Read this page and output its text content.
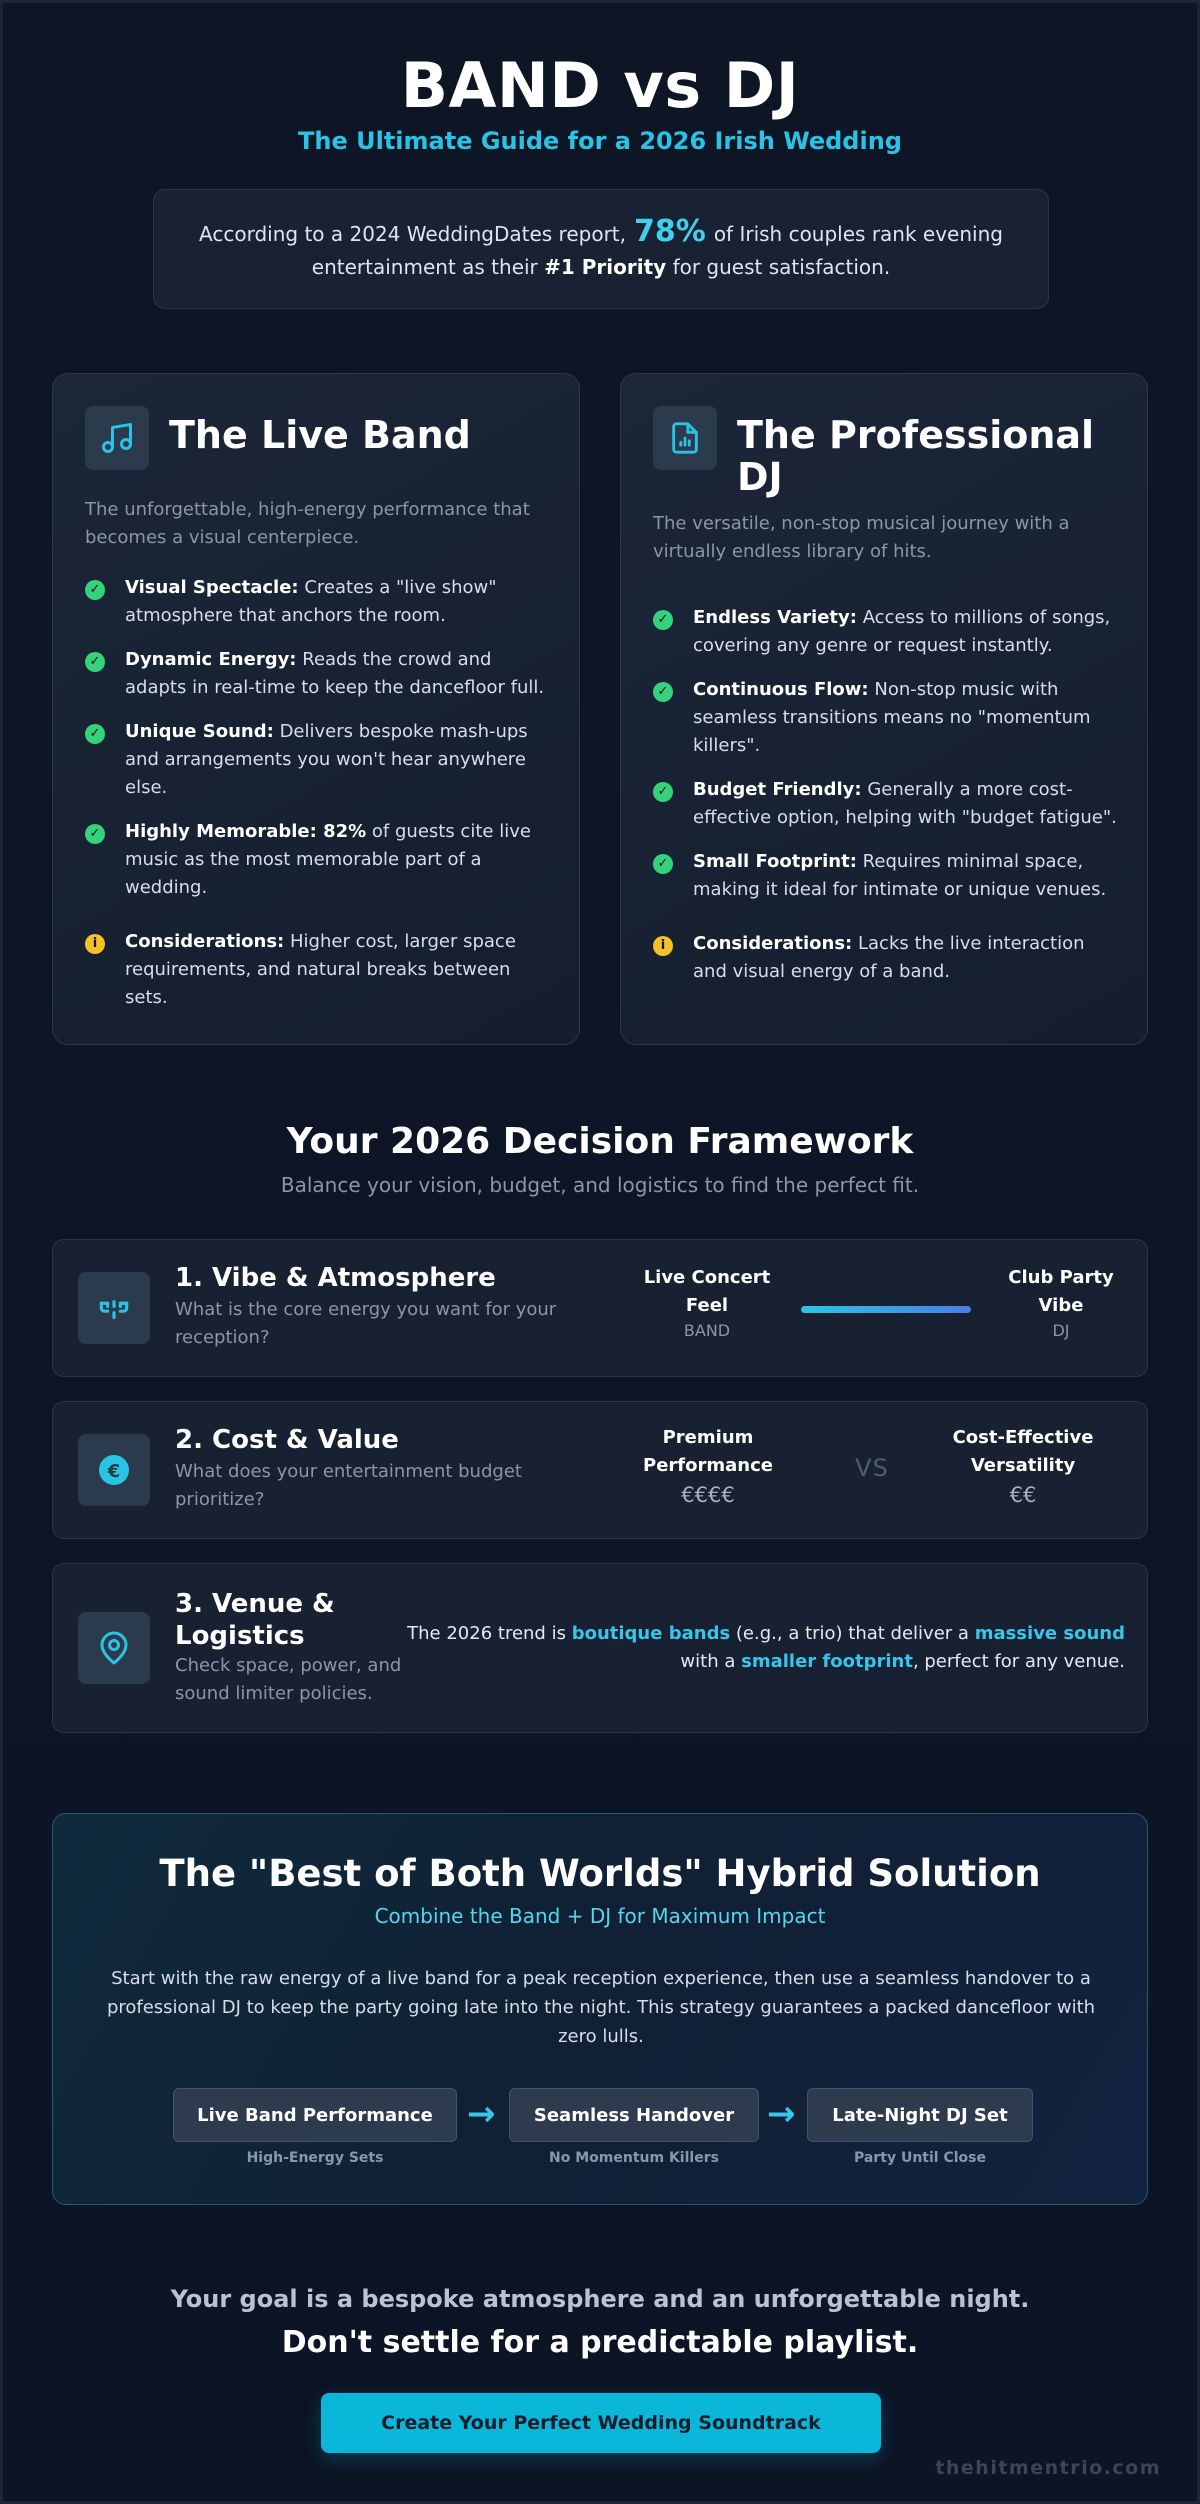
BAND vs DJ
The Ultimate Guide for a 2026 Irish Wedding
According to a 2024 WeddingDates report, 78% of Irish couples rank evening entertainment as their #1 Priority for guest satisfaction.
The Live Band
The unforgettable, high-energy performance that becomes a visual centerpiece.
✓ Visual Spectacle: Creates a "live show" atmosphere that anchors the room.
✓ Dynamic Energy: Reads the crowd and adapts in real-time to keep the dancefloor full.
✓ Unique Sound: Delivers bespoke mash-ups and arrangements you won't hear anywhere else.
✓ Highly Memorable: 82% of guests cite live music as the most memorable part of a wedding.
i	Considerations: Higher cost, larger space requirements, and natural breaks between sets.
The Professional DJ
The versatile, non-stop musical journey with a virtually endless library of hits.
✓ Endless Variety: Access to millions of songs, covering any genre or request instantly.
✓ Continuous Flow: Non-stop music with seamless transitions means no "momentum killers".
✓ Budget Friendly: Generally a more cost-effective option, helping with "budget fatigue".
✓ Small Footprint: Requires minimal space, making it ideal for intimate or unique venues.
i	Considerations: Lacks the live interaction and visual energy of a band.
Your 2026 Decision Framework
Balance your vision, budget, and logistics to find the perfect fit.
1. Vibe & Atmosphere
What is the core energy you want for your reception?
Live Concert Feel
BAND
Club Party Vibe
DJ
€
2. Cost & Value
What does your entertainment budget prioritize?
Premium Performance
€€€€
VS
Cost-Effective Versatility
€€
3. Venue & Logistics
Check space, power, and sound limiter policies.
The 2026 trend is boutique bands (e.g., a trio) that deliver a massive sound with a smaller footprint, perfect for any venue.
The "Best of Both Worlds" Hybrid Solution
Combine the Band + DJ for Maximum Impact

Start with the raw energy of a live band for a peak reception experience, then use a seamless handover to a professional DJ to keep the party going late into the night. This strategy guarantees a packed dancefloor with zero lulls.

Live Band Performance
High-Energy Sets
→	Seamless Handover
No Momentum Killers
→	Late-Night DJ Set
Party Until Close
Your goal is a bespoke atmosphere and an unforgettable night.
Don't settle for a predictable playlist.
Create Your Perfect Wedding Soundtrack
thehitmentrio.com
